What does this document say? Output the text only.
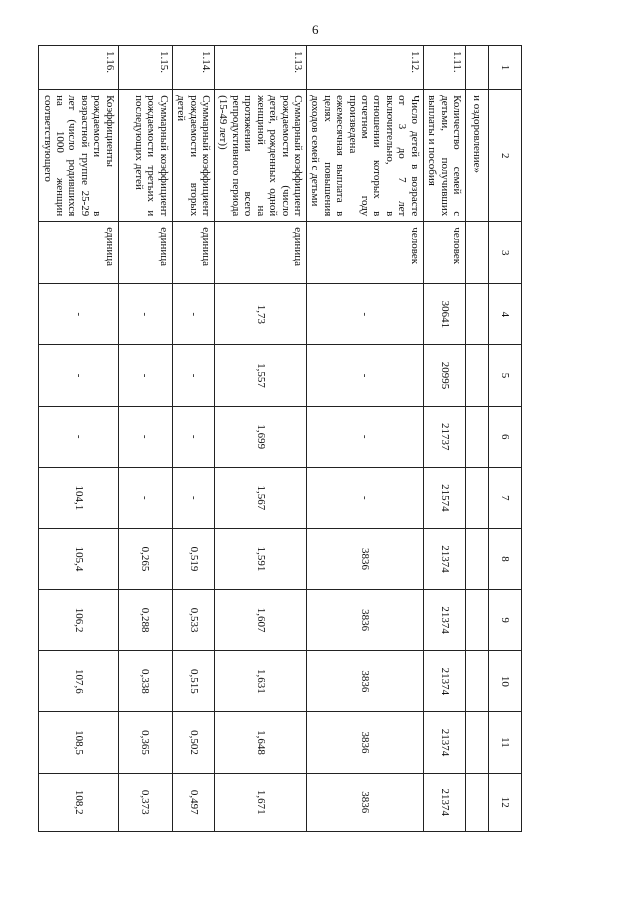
6
1	2	3	4	5	6	7	8	9	10	11	12
	и оздоровление»										
1.11.	Количество семей с детьми, получивших выплаты и пособия	человек	30641	20995	21737	21574	21374	21374	21374	21374	21374
1.12.	Число детей в возрасте от 3 до 7 лет включительно, в отношении которых в отчетном году произведена ежемесячная выплата в целях повышения доходов семей с детьми	человек	-	-	-	-	3836	3836	3836	3836	3836
1.13.	Суммарный коэффициент рождаемости (число детей, рожденных одной женщиной на протяжении всего репродуктивного периода (15-49 лет))	единица	1,73	1,557	1,699	1,567	1,591	1,607	1,631	1,648	1,671
1.14.	Суммарный коэффициент рождаемости вторых детей	единица	-	-	-	-	0,519	0,533	0,515	0,502	0,497
1.15.	Суммарный коэффициент рождаемости третьих и последующих детей	единица	-	-	-	-	0,265	0,288	0,338	0,365	0,373
1.16.	Коэффициенты рождаемости в возрастной группе 25-29 лет (число родившихся на 1000 женщин соответствующего	единица	-	-	-	104,1	105,4	106,2	107,6	108,5	108,2
